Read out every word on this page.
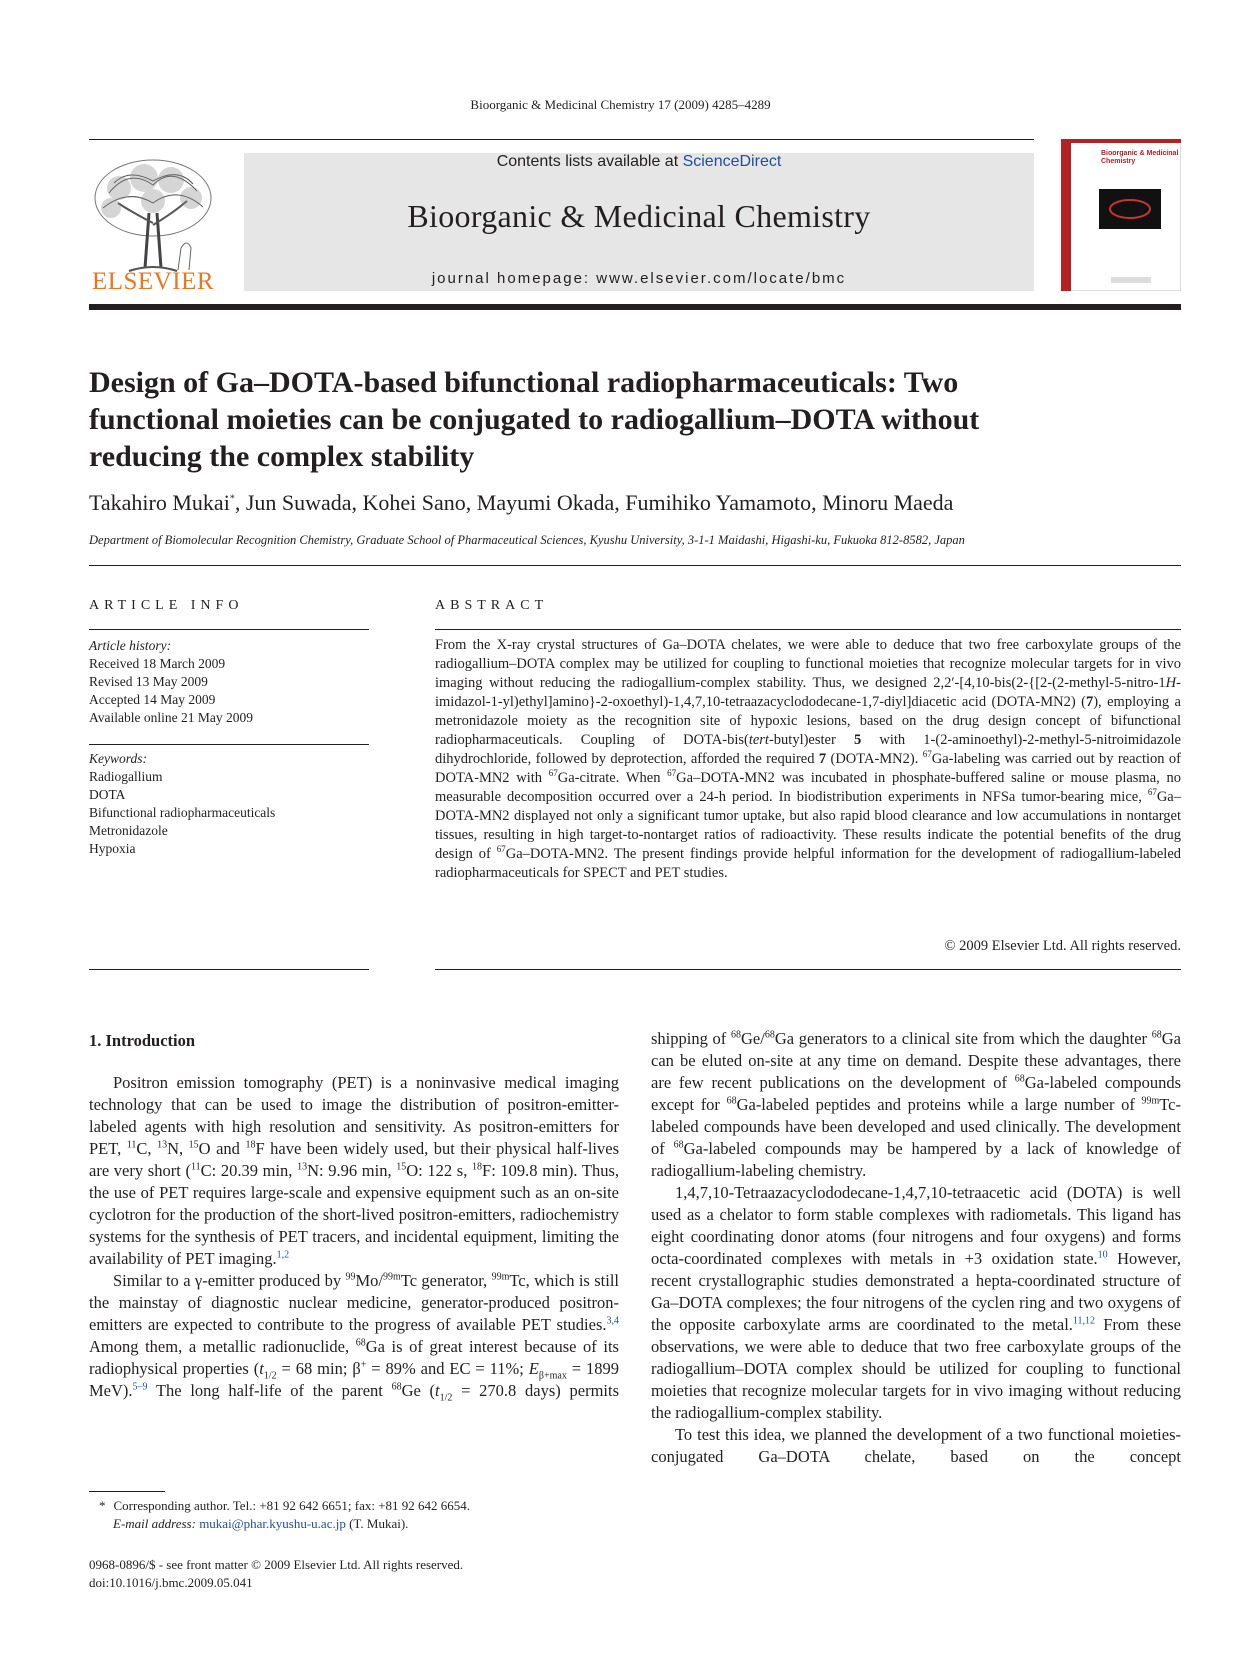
Bioorganic & Medicinal Chemistry 17 (2009) 4285–4289
ELSEVIER
Contents lists available at ScienceDirect
Bioorganic & Medicinal Chemistry
journal homepage: www.elsevier.com/locate/bmc
Bioorganic & Medicinal
Chemistry
Design of Ga–DOTA-based bifunctional radiopharmaceuticals: Two functional moieties can be conjugated to radiogallium–DOTA without reducing the complex stability
Takahiro Mukai*, Jun Suwada, Kohei Sano, Mayumi Okada, Fumihiko Yamamoto, Minoru Maeda
Department of Biomolecular Recognition Chemistry, Graduate School of Pharmaceutical Sciences, Kyushu University, 3-1-1 Maidashi, Higashi-ku, Fukuoka 812-8582, Japan
ARTICLE INFO
Article history:
Received 18 March 2009
Revised 13 May 2009
Accepted 14 May 2009
Available online 21 May 2009
Keywords:
Radiogallium
DOTA
Bifunctional radiopharmaceuticals
Metronidazole
Hypoxia
ABSTRACT
From the X-ray crystal structures of Ga–DOTA chelates, we were able to deduce that two free carboxylate groups of the radiogallium–DOTA complex may be utilized for coupling to functional moieties that recognize molecular targets for in vivo imaging without reducing the radiogallium-complex stability. Thus, we designed 2,2′-[4,10-bis(2-{[2-(2-methyl-5-nitro-1H-imidazol-1-yl)ethyl]amino}-2-oxoethyl)-1,4,7,10-tetraazacyclododecane-1,7-diyl]diacetic acid (DOTA-MN2) (7), employing a metronidazole moiety as the recognition site of hypoxic lesions, based on the drug design concept of bifunctional radiopharmaceuticals. Coupling of DOTA-bis(tert-butyl)ester 5 with 1-(2-aminoethyl)-2-methyl-5-nitroimidazole dihydrochloride, followed by deprotection, afforded the required 7 (DOTA-MN2). $^{67}$Ga-labeling was carried out by reaction of DOTA-MN2 with $^{67}$Ga-citrate. When $^{67}$Ga–DOTA-MN2 was incubated in phosphate-buffered saline or mouse plasma, no measurable decomposition occurred over a 24-h period. In biodistribution experiments in NFSa tumor-bearing mice, $^{67}$Ga–DOTA-MN2 displayed not only a significant tumor uptake, but also rapid blood clearance and low accumulations in nontarget tissues, resulting in high target-to-nontarget ratios of radioactivity. These results indicate the potential benefits of the drug design of $^{67}$Ga–DOTA-MN2. The present findings provide helpful information for the development of radiogallium-labeled radiopharmaceuticals for SPECT and PET studies.
© 2009 Elsevier Ltd. All rights reserved.
1. Introduction

Positron emission tomography (PET) is a noninvasive medical imaging technology that can be used to image the distribution of positron-emitter-labeled agents with high resolution and sensitivity. As positron-emitters for PET, $^{11}$C, $^{13}$N, $^{15}$O and $^{18}$F have been widely used, but their physical half-lives are very short ($^{11}$C: 20.39 min, $^{13}$N: 9.96 min, $^{15}$O: 122 s, $^{18}$F: 109.8 min). Thus, the use of PET requires large-scale and expensive equipment such as an on-site cyclotron for the production of the short-lived positron-emitters, radiochemistry systems for the synthesis of PET tracers, and incidental equipment, limiting the availability of PET imaging.$^{1,2}$

Similar to a γ-emitter produced by $^{99}$Mo/$^{99m}$Tc generator, $^{99m}$Tc, which is still the mainstay of diagnostic nuclear medicine, generator-produced positron-emitters are expected to contribute to the progress of available PET studies.$^{3,4}$ Among them, a metallic radionuclide, $^{68}$Ga is of great interest because of its radiophysical properties ($t_{1/2} = 68$ min; β+ = 89% and EC = 11%; $E_{\beta+max} = 1899$ MeV).$^{5-9}$ The long half-life of the parent $^{68}$Ge ($t_{1/2} = 270.8$ days) permits

shipping of $^{68}$Ge/$^{68}$Ga generators to a clinical site from which the daughter $^{68}$Ga can be eluted on-site at any time on demand. Despite these advantages, there are few recent publications on the development of $^{68}$Ga-labeled compounds except for $^{68}$Ga-labeled peptides and proteins while a large number of $^{99m}$Tc-labeled compounds have been developed and used clinically. The development of $^{68}$Ga-labeled compounds may be hampered by a lack of knowledge of radiogallium-labeling chemistry.

1,4,7,10-Tetraazacyclododecane-1,4,7,10-tetraacetic acid (DOTA) is well used as a chelator to form stable complexes with radiometals. This ligand has eight coordinating donor atoms (four nitrogens and four oxygens) and forms octa-coordinated complexes with metals in +3 oxidation state.$^{10}$ However, recent crystallographic studies demonstrated a hepta-coordinated structure of Ga–DOTA complexes; the four nitrogens of the cyclen ring and two oxygens of the opposite carboxylate arms are coordinated to the metal.$^{11,12}$ From these observations, we were able to deduce that two free carboxylate groups of the radiogallium–DOTA complex should be utilized for coupling to functional moieties that recognize molecular targets for in vivo imaging without reducing the radiogallium-complex stability.

To test this idea, we planned the development of a two functional moieties-conjugated Ga–DOTA chelate, based on the concept

* Corresponding author. Tel.: +81 92 642 6651; fax: +81 92 642 6654.
E-mail address: mukai@phar.kyushu-u.ac.jp (T. Mukai).
0968-0896/$ - see front matter © 2009 Elsevier Ltd. All rights reserved.
doi:10.1016/j.bmc.2009.05.041
